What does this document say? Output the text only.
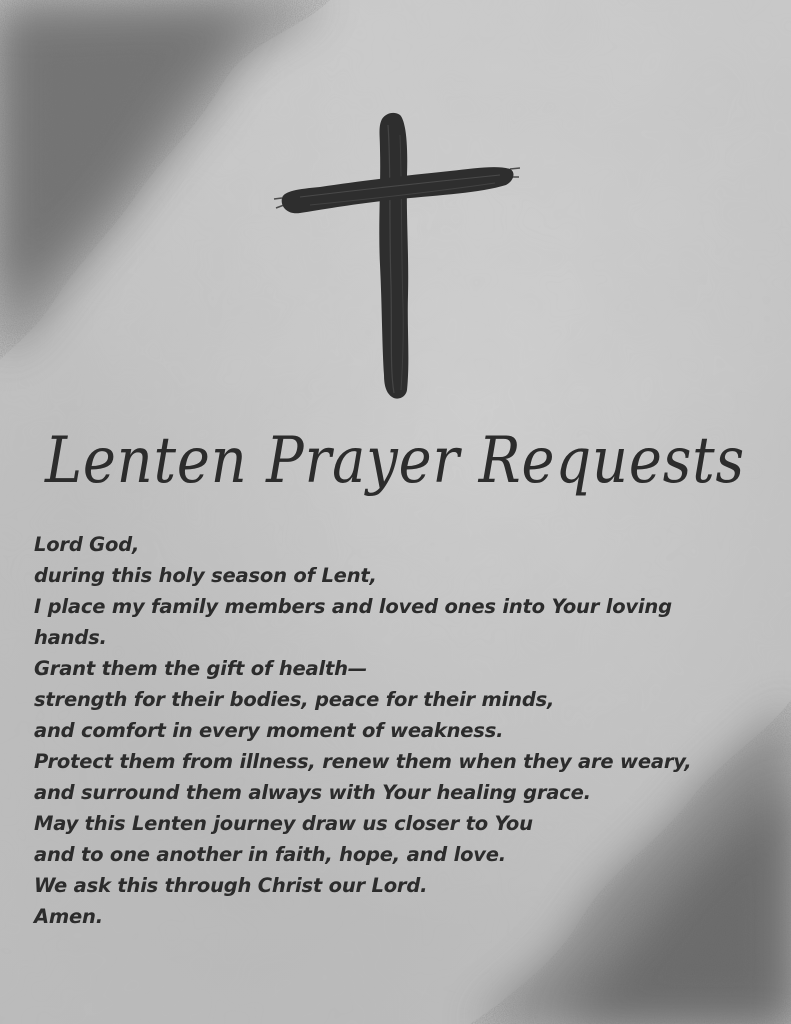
Lenten Prayer Requests
Lord God,
during this holy season of Lent,
I place my family members and loved ones into Your loving
hands.
Grant them the gift of health—
strength for their bodies, peace for their minds,
and comfort in every moment of weakness.
Protect them from illness, renew them when they are weary,
and surround them always with Your healing grace.
May this Lenten journey draw us closer to You
and to one another in faith, hope, and love.
We ask this through Christ our Lord.
Amen.
